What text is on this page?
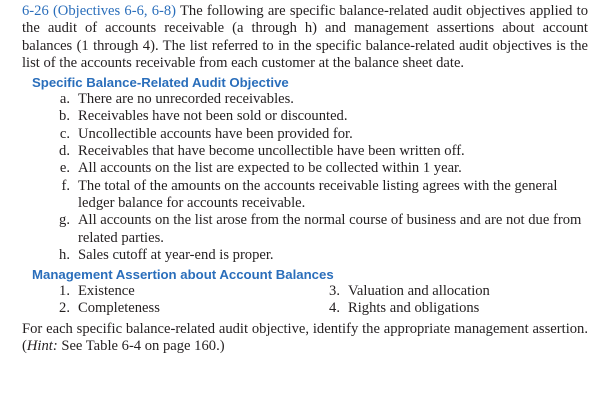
6-26 (Objectives 6-6, 6-8) The following are specific balance-related audit objectives applied to the audit of accounts receivable (a through h) and management assertions about account balances (1 through 4). The list referred to in the specific balance-related audit objectives is the list of the accounts receivable from each customer at the balance sheet date.

Specific Balance-Related Audit Objective
a. There are no unrecorded receivables.
b. Receivables have not been sold or discounted.
c. Uncollectible accounts have been provided for.
d. Receivables that have become uncollectible have been written off.
e. All accounts on the list are expected to be collected within 1 year.
f. The total of the amounts on the accounts receivable listing agrees with the general ledger balance for accounts receivable.
g. All accounts on the list arose from the normal course of business and are not due from related parties.
h. Sales cutoff at year-end is proper.
Management Assertion about Account Balances
1. Existence	3. Valuation and allocation
2. Completeness	4. Rights and obligations

For each specific balance-related audit objective, identify the appropriate management assertion. (Hint: See Table 6-4 on page 160.)
